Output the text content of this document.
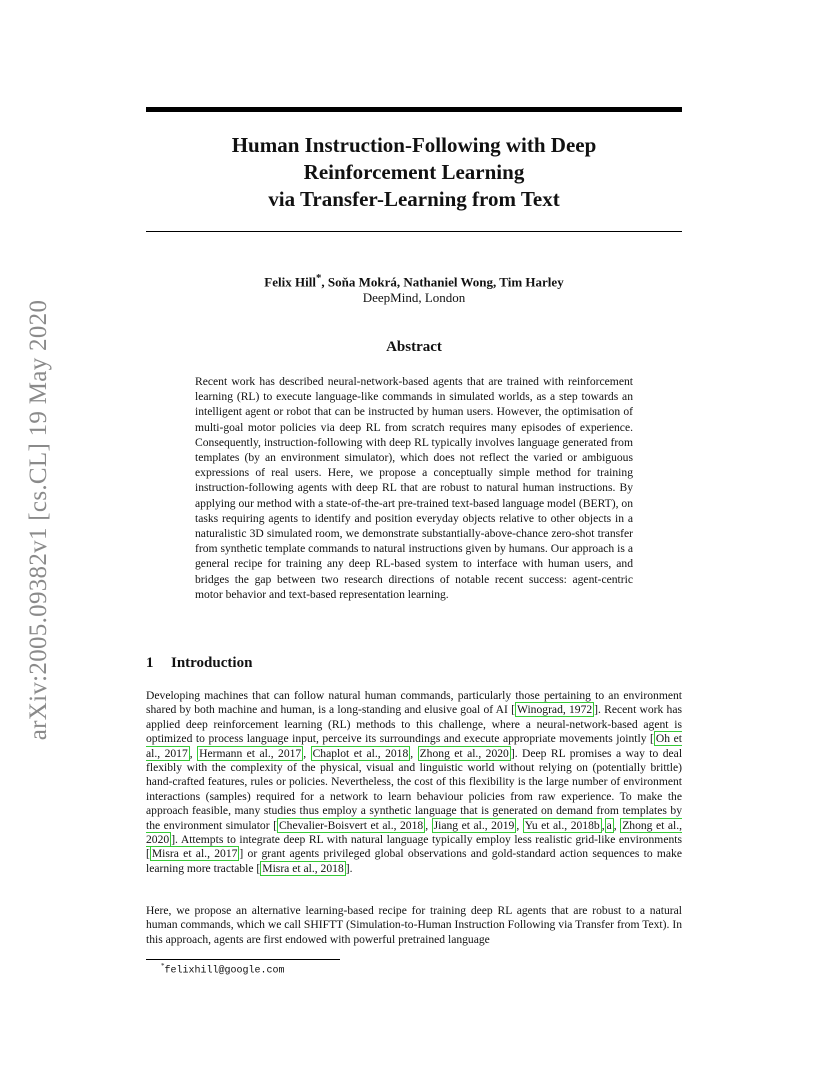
arXiv:2005.09382v1 [cs.CL] 19 May 2020
Human Instruction-Following with Deep
Reinforcement Learning
via Transfer-Learning from Text
Felix Hill*, Soňa Mokrá, Nathaniel Wong, Tim Harley
DeepMind, London
Abstract
Recent work has described neural-network-based agents that are trained with reinforcement learning (RL) to execute language-like commands in simulated worlds, as a step towards an intelligent agent or robot that can be instructed by human users. However, the optimisation of multi-goal motor policies via deep RL from scratch requires many episodes of experience. Consequently, instruction-following with deep RL typically involves language generated from templates (by an environment simulator), which does not reflect the varied or ambiguous expressions of real users. Here, we propose a conceptually simple method for training instruction-following agents with deep RL that are robust to natural human instructions. By applying our method with a state-of-the-art pre-trained text-based language model (BERT), on tasks requiring agents to identify and position everyday objects relative to other objects in a naturalistic 3D simulated room, we demonstrate substantially-above-chance zero-shot transfer from synthetic template commands to natural instructions given by humans. Our approach is a general recipe for training any deep RL-based system to interface with human users, and bridges the gap between two research directions of notable recent success: agent-centric motor behavior and text-based representation learning.
1 Introduction

Developing machines that can follow natural human commands, particularly those pertaining to an environment shared by both machine and human, is a long-standing and elusive goal of AI [ Winograd, 1972 ]. Recent work has applied deep reinforcement learning (RL) methods to this challenge, where a neural-network-based agent is optimized to process language input, perceive its surroundings and execute appropriate movements jointly [ Oh et al., 2017 , Hermann et al., 2017 , Chaplot et al., 2018 , Zhong et al., 2020 ]. Deep RL promises a way to deal flexibly with the complexity of the physical, visual and linguistic world without relying on (potentially brittle) hand-crafted features, rules or policies. Nevertheless, the cost of this flexibility is the large number of environment interactions (samples) required for a network to learn behaviour policies from raw experience. To make the approach feasible, many studies thus employ a synthetic language that is generated on demand from templates by the environment simulator [ Chevalier-Boisvert et al., 2018 , Jiang et al., 2019 , Yu et al., 2018b , a , Zhong et al., 2020 ]. Attempts to integrate deep RL with natural language typically employ less realistic grid-like environments [ Misra et al., 2017 ] or grant agents privileged global observations and gold-standard action sequences to make learning more tractable [ Misra et al., 2018 ].

Here, we propose an alternative learning-based recipe for training deep RL agents that are robust to a natural human commands, which we call SHIFTT (Simulation-to-Human Instruction Following via Transfer from Text). In this approach, agents are first endowed with powerful pretrained language

*felixhill@google.com
